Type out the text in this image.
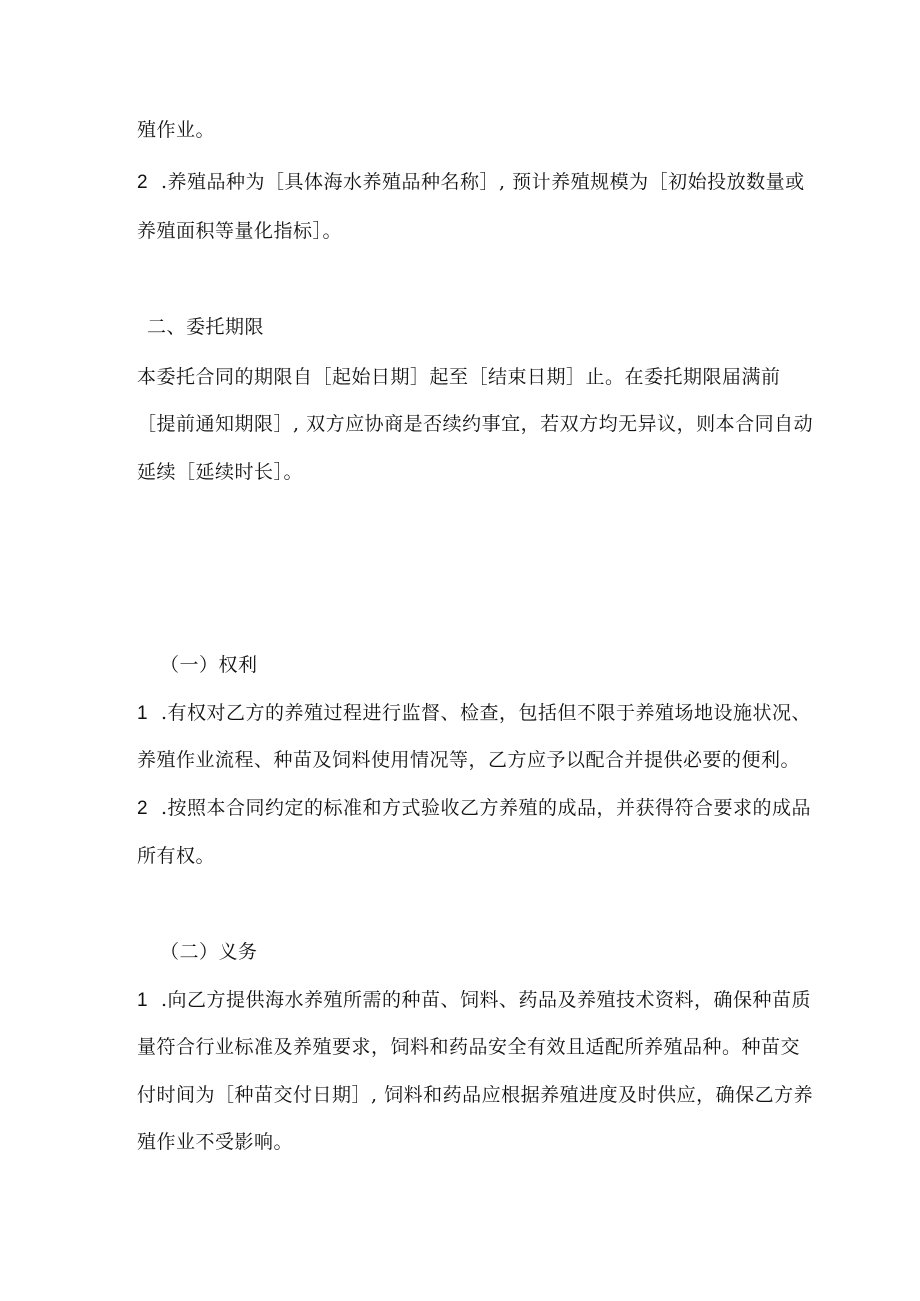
殖作业。
2 .养殖品种为［具体海水养殖品种名称］, 预计养殖规模为［初始投放数量或
养殖面积等量化指标］。
二、委托期限
本委托合同的期限自［起始日期］起至［结束日期］止。在委托期限届满前
［提前通知期限］, 双方应协商是否续约事宜，若双方均无异议，则本合同自动
延续［延续时长］。
（一）权利
1 .有权对乙方的养殖过程进行监督、检查，包括但不限于养殖场地设施状况、
养殖作业流程、种苗及饲料使用情况等，乙方应予以配合并提供必要的便利。
2 .按照本合同约定的标准和方式验收乙方养殖的成品，并获得符合要求的成品
所有权。
（二）义务
1 .向乙方提供海水养殖所需的种苗、饲料、药品及养殖技术资料，确保种苗质
量符合行业标准及养殖要求，饲料和药品安全有效且适配所养殖品种。种苗交
付时间为［种苗交付日期］, 饲料和药品应根据养殖进度及时供应，确保乙方养
殖作业不受影响。
